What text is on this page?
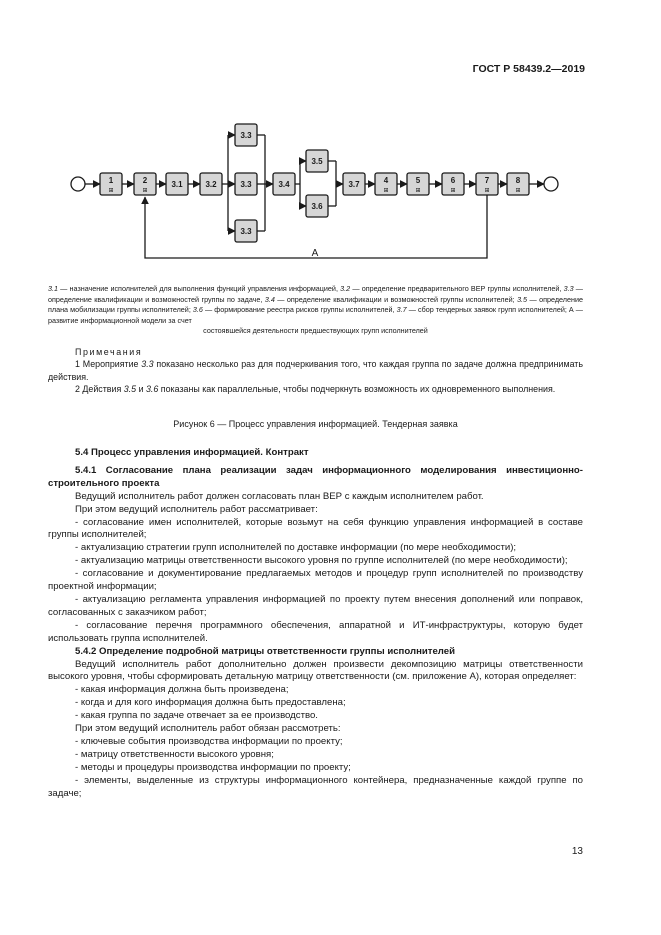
ГОСТ Р 58439.2—2019
1
⊞
2
⊞
3.1	3.2
3.3
3.3
3.3
3.4
3.5
3.6
3.7	4
⊞
5
⊞
6
⊞
7
⊞
8
⊞
А
3.1 — назначение исполнителей для выполнения функций управления информацией, 3.2 — определение предварительного ВЕР группы исполнителей, 3.3 — определение квалификации и возможностей группы по задаче, 3.4 — определение квалификации и возможностей группы исполнителей; 3.5 — определение плана мобилизации группы исполнителей; 3.6 — формирование реестра рисков группы исполнителей, 3.7 — сбор тендерных заявок групп исполнителей; А — развитие информационной модели за счет
состоявшейся деятельности предшествующих групп исполнителей

Примечания

1 Мероприятие 3.3 показано несколько раз для подчеркивания того, что каждая группа по задаче должна предпринимать действия.

2 Действия 3.5 и 3.6 показаны как параллельные, чтобы подчеркнуть возможность их одновременного выполнения.

Рисунок 6 — Процесс управления информацией. Тендерная заявка

5.4 Процесс управления информацией. Контракт

5.4.1 Согласование плана реализации задач информационного моделирования инвестиционно-строительного проекта

Ведущий исполнитель работ должен согласовать план ВЕР с каждым исполнителем работ.

При этом ведущий исполнитель работ рассматривает:

- согласование имен исполнителей, которые возьмут на себя функцию управления информацией в составе группы исполнителей;

- актуализацию стратегии групп исполнителей по доставке информации (по мере необходимости);

- актуализацию матрицы ответственности высокого уровня по группе исполнителей (по мере необходимости);

- согласование и документирование предлагаемых методов и процедур групп исполнителей по производству проектной информации;

- актуализацию регламента управления информацией по проекту путем внесения дополнений или поправок, согласованных с заказчиком работ;

- согласование перечня программного обеспечения, аппаратной и ИТ-инфраструктуры, которую будет использовать группа исполнителей.

5.4.2 Определение подробной матрицы ответственности группы исполнителей

Ведущий исполнитель работ дополнительно должен произвести декомпозицию матрицы ответственности высокого уровня, чтобы сформировать детальную матрицу ответственности (см. приложение А), которая определяет:

- какая информация должна быть произведена;

- когда и для кого информация должна быть предоставлена;

- какая группа по задаче отвечает за ее производство.

При этом ведущий исполнитель работ обязан рассмотреть:

- ключевые события производства информации по проекту;

- матрицу ответственности высокого уровня;

- методы и процедуры производства информации по проекту;

- элементы, выделенные из структуры информационного контейнера, предназначенные каждой группе по задаче;

13
